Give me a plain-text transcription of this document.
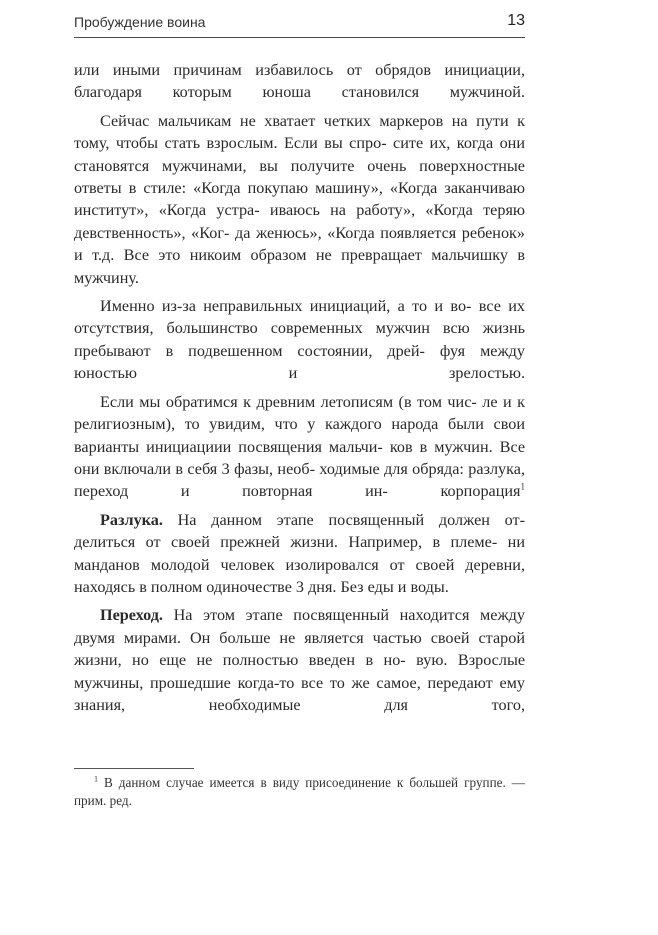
Пробуждение воина	13

или иными причинам избавилось от обрядов инициации, благодаря которым юноша становился мужчиной.

Сейчас мальчикам не хватает четких маркеров на пути к тому, чтобы стать взрослым. Если вы спро- сите их, когда они становятся мужчинами, вы получите очень поверхностные ответы в стиле: «Когда покупаю машину», «Когда заканчиваю институт», «Когда устра- иваюсь на работу», «Когда теряю девственность», «Ког- да женюсь», «Когда появляется ребенок» и т.д. Все это никоим образом не превращает мальчишку в мужчину.

Именно из-за неправильных инициаций, а то и во- все их отсутствия, большинство современных мужчин всю жизнь пребывают в подвешенном состоянии, дрей- фуя между юностью и зрелостью.

Если мы обратимся к древним летописям (в том чис- ле и к религиозным), то увидим, что у каждого народа были свои варианты инициациии посвящения мальчи- ков в мужчин. Все они включали в себя 3 фазы, необ- ходимые для обряда: разлука, переход и повторная ин-	корпорация$^1$

Разлука. На данном этапе посвященный должен от- делиться от своей прежней жизни. Например, в племе- ни манданов молодой человек изолировался от своей деревни, находясь в полном одиночестве 3 дня. Без еды и воды.

Переход. На этом этапе посвященный находится между двумя мирами. Он больше не является частью своей старой жизни, но еще не полностью введен в но- вую. Взрослые мужчины, прошедшие когда-то все то же самое, передают ему знания, необходимые для того,

$^1$ В данном случае имеется в виду присоединение к большей группе. — прим. ред.
